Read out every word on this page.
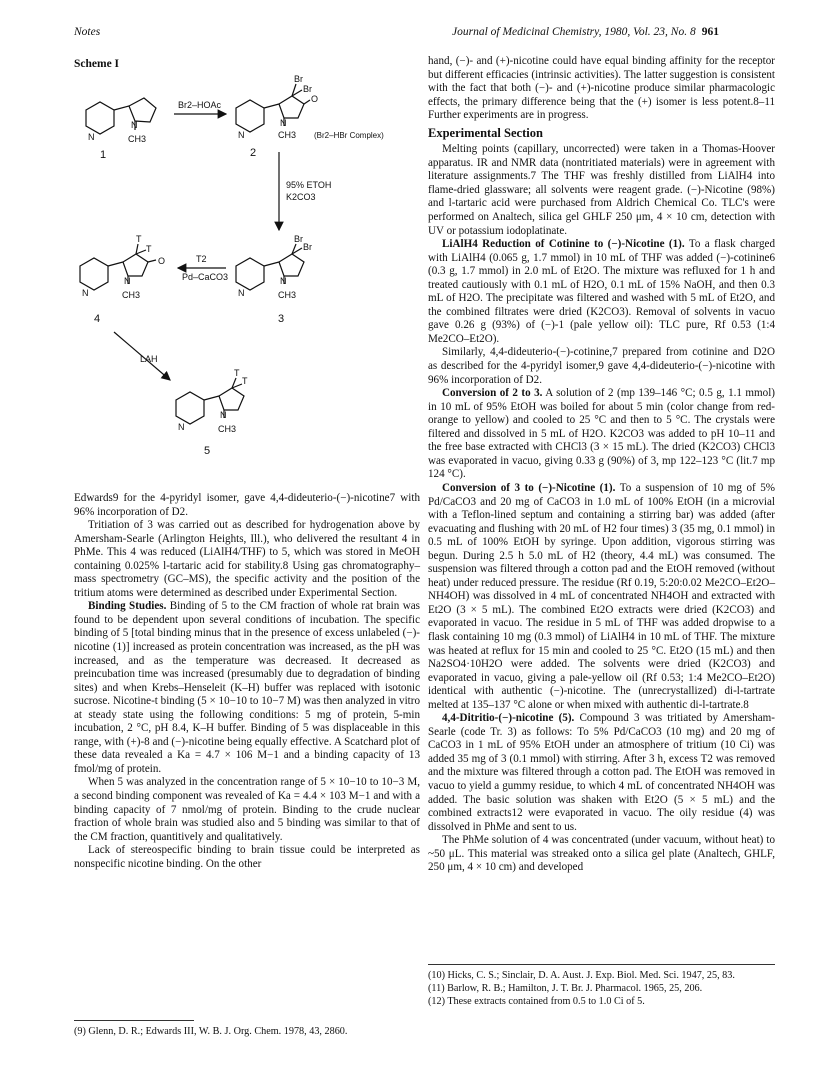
Notes	Journal of Medicinal Chemistry, 1980, Vol. 23, No. 8 961
Scheme I
N
N
CH3
1
Br2–HOAc
N
N
CH3
Br
Br
O
(Br2–HBr Complex)
2
95% ETOH
K2CO3
N
N
CH3
Br
Br
3
T2
Pd–CaCO3
N
N
CH3
T
T
O
4
LAH
N
N
CH3
T
T
5

Edwards9 for the 4-pyridyl isomer, gave 4,4-dideuterio-(−)-nicotine7 with 96% incorporation of D2.

Tritiation of 3 was carried out as described for hydrogenation above by Amersham-Searle (Arlington Heights, Ill.), who delivered the resultant 4 in PhMe. This 4 was reduced (LiAlH4/THF) to 5, which was stored in MeOH containing 0.025% l-tartaric acid for stability.8 Using gas chromatography–mass spectrometry (GC–MS), the specific activity and the position of the tritium atoms were determined as described under Experimental Section.

Binding Studies. Binding of 5 to the CM fraction of whole rat brain was found to be dependent upon several conditions of incubation. The specific binding of 5 [total binding minus that in the presence of excess unlabeled (−)-nicotine (1)] increased as protein concentration was increased, as the pH was increased, and as the temperature was decreased. It decreased as preincubation time was increased (presumably due to degradation of binding sites) and when Krebs–Henseleit (K–H) buffer was replaced with isotonic sucrose. Nicotine-t binding (5 × 10−10 to 10−7 M) was then analyzed in vitro at steady state using the following conditions: 5 mg of protein, 5-min incubation, 2 °C, pH 8.4, K–H buffer. Binding of 5 was displaceable in this range, with (+)-8 and (−)-nicotine being equally effective. A Scatchard plot of these data revealed a Ka = 4.7 × 106 M−1 and a binding capacity of 13 fmol/mg of protein.

When 5 was analyzed in the concentration range of 5 × 10−10 to 10−3 M, a second binding component was revealed of Ka = 4.4 × 103 M−1 and with a binding capacity of 7 nmol/mg of protein. Binding to the crude nuclear fraction of whole brain was studied also and 5 binding was similar to that of the CM fraction, quantitively and qualitatively.

Lack of stereospecific binding to brain tissue could be interpreted as nonspecific nicotine binding. On the other

(9) Glenn, D. R.; Edwards III, W. B. J. Org. Chem. 1978, 43, 2860.

hand, (−)- and (+)-nicotine could have equal binding affinity for the receptor but different efficacies (intrinsic activities). The latter suggestion is consistent with the fact that both (−)- and (+)-nicotine produce similar pharmacologic effects, the primary difference being that the (+) isomer is less potent.8–11 Further experiments are in progress.

Experimental Section

Melting points (capillary, uncorrected) were taken in a Thomas-Hoover apparatus. IR and NMR data (nontritiated materials) were in agreement with literature assignments.7 The THF was freshly distilled from LiAlH4 into flame-dried glassware; all solvents were reagent grade. (−)-Nicotine (98%) and l-tartaric acid were purchased from Aldrich Chemical Co. TLC's were performed on Analtech, silica gel GHLF 250 μm, 4 × 10 cm, detection with UV or potassium iodoplatinate.

LiAlH4 Reduction of Cotinine to (−)-Nicotine (1). To a flask charged with LiAlH4 (0.065 g, 1.7 mmol) in 10 mL of THF was added (−)-cotinine6 (0.3 g, 1.7 mmol) in 2.0 mL of Et2O. The mixture was refluxed for 1 h and treated cautiously with 0.1 mL of H2O, 0.1 mL of 15% NaOH, and then 0.3 mL of H2O. The precipitate was filtered and washed with 5 mL of Et2O, and the combined filtrates were dried (K2CO3). Removal of solvents in vacuo gave 0.26 g (93%) of (−)-1 (pale yellow oil): TLC pure, Rf 0.53 (1:4 Me2CO–Et2O).

Similarly, 4,4-dideuterio-(−)-cotinine,7 prepared from cotinine and D2O as described for the 4-pyridyl isomer,9 gave 4,4-dideuterio-(−)-nicotine with 96% incorporation of D2.

Conversion of 2 to 3. A solution of 2 (mp 139–146 °C; 0.5 g, 1.1 mmol) in 10 mL of 95% EtOH was boiled for about 5 min (color change from red-orange to yellow) and cooled to 25 °C and then to 5 °C. The crystals were filtered and dissolved in 5 mL of H2O. K2CO3 was added to pH 10–11 and the free base extracted with CHCl3 (3 × 15 mL). The dried (K2CO3) CHCl3 was evaporated in vacuo, giving 0.33 g (90%) of 3, mp 122–123 °C (lit.7 mp 124 °C).

Conversion of 3 to (−)-Nicotine (1). To a suspension of 10 mg of 5% Pd/CaCO3 and 20 mg of CaCO3 in 1.0 mL of 100% EtOH (in a microvial with a Teflon-lined septum and containing a stirring bar) was added (after evacuating and flushing with 20 mL of H2 four times) 3 (35 mg, 0.1 mmol) in 0.5 mL of 100% EtOH by syringe. Upon addition, vigorous stirring was begun. During 2.5 h 5.0 mL of H2 (theory, 4.4 mL) was consumed. The suspension was filtered through a cotton pad and the EtOH removed (without heat) under reduced pressure. The residue (Rf 0.19, 5:20:0.02 Me2CO–Et2O–NH4OH) was dissolved in 4 mL of concentrated NH4OH and extracted with Et2O (3 × 5 mL). The combined Et2O extracts were dried (K2CO3) and evaporated in vacuo. The residue in 5 mL of THF was added dropwise to a flask containing 10 mg (0.3 mmol) of LiAlH4 in 10 mL of THF. The mixture was heated at reflux for 15 min and cooled to 25 °C. Et2O (15 mL) and then Na2SO4·10H2O were added. The solvents were dried (K2CO3) and evaporated in vacuo, giving a pale-yellow oil (Rf 0.53; 1:4 Me2CO–Et2O) identical with authentic (−)-nicotine. The (unrecrystallized) di-l-tartrate melted at 135–137 °C alone or when mixed with authentic di-l-tartrate.8

4,4-Ditritio-(−)-nicotine (5). Compound 3 was tritiated by Amersham-Searle (code Tr. 3) as follows: To 5% Pd/CaCO3 (10 mg) and 20 mg of CaCO3 in 1 mL of 95% EtOH under an atmosphere of tritium (10 Ci) was added 35 mg of 3 (0.1 mmol) with stirring. After 3 h, excess T2 was removed and the mixture was filtered through a cotton pad. The EtOH was removed in vacuo to yield a gummy residue, to which 4 mL of concentrated NH4OH was added. The basic solution was shaken with Et2O (5 × 5 mL) and the combined extracts12 were evaporated in vacuo. The oily residue (4) was dissolved in PhMe and sent to us.

The PhMe solution of 4 was concentrated (under vacuum, without heat) to ~50 μL. This material was streaked onto a silica gel plate (Analtech, GHLF, 250 μm, 4 × 10 cm) and developed

(10) Hicks, C. S.; Sinclair, D. A. Aust. J. Exp. Biol. Med. Sci. 1947, 25, 83.
(11) Barlow, R. B.; Hamilton, J. T. Br. J. Pharmacol. 1965, 25, 206.
(12) These extracts contained from 0.5 to 1.0 Ci of 5.
